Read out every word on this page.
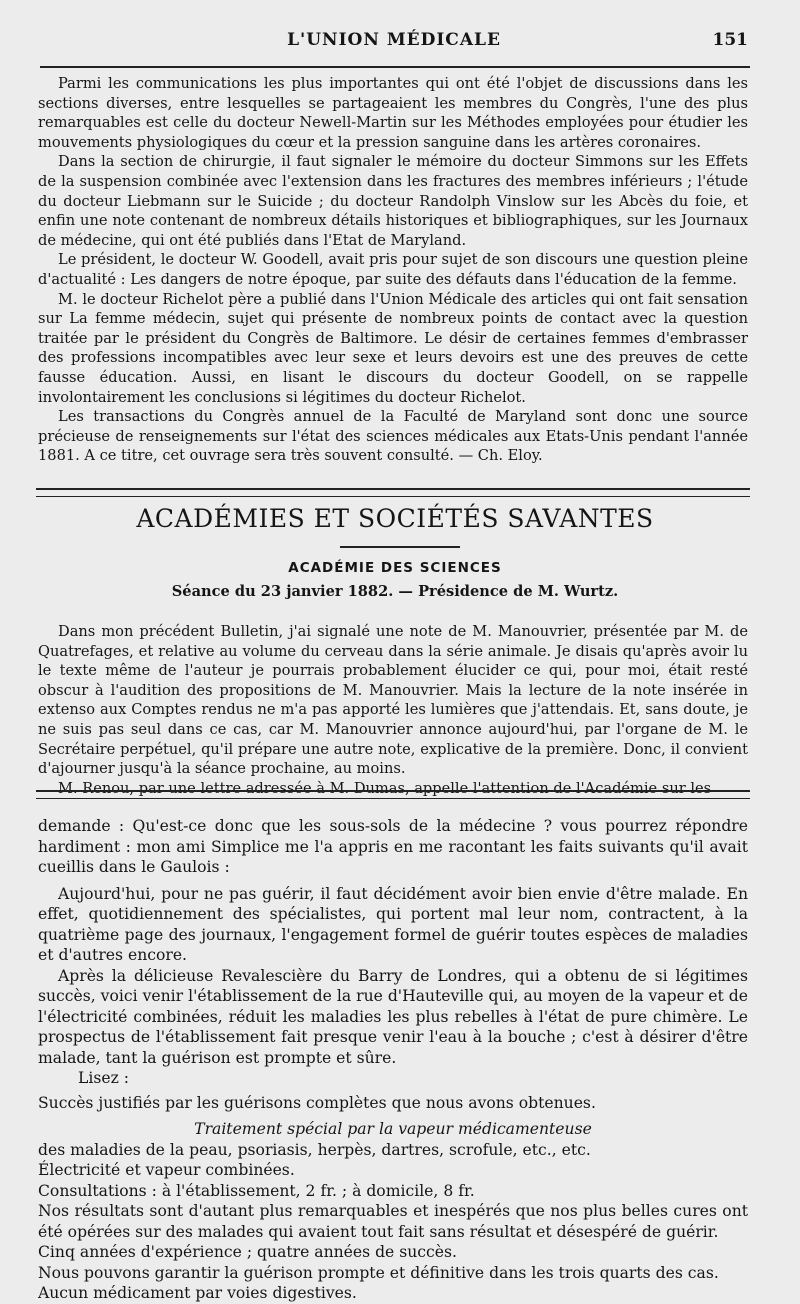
L'UNION MÉDICALE	151

Parmi les communications les plus importantes qui ont été l'objet de discussions dans les sections diverses, entre lesquelles se partageaient les membres du Congrès, l'une des plus remarquables est celle du docteur Newell-Martin sur les Méthodes employées pour étudier les mouvements physiologiques du cœur et la pression sanguine dans les artères coronaires.

Dans la section de chirurgie, il faut signaler le mémoire du docteur Simmons sur les Effets de la suspension combinée avec l'extension dans les fractures des membres inférieurs ; l'étude du docteur Liebmann sur le Suicide ; du docteur Randolph Vinslow sur les Abcès du foie, et enfin une note contenant de nombreux détails historiques et bibliographiques, sur les Journaux de médecine, qui ont été publiés dans l'Etat de Maryland.

Le président, le docteur W. Goodell, avait pris pour sujet de son discours une question pleine d'actualité : Les dangers de notre époque, par suite des défauts dans l'éducation de la femme.

M. le docteur Richelot père a publié dans l'Union Médicale des articles qui ont fait sensation sur La femme médecin, sujet qui présente de nombreux points de contact avec la question traitée par le président du Congrès de Baltimore. Le désir de certaines femmes d'embrasser des professions incompatibles avec leur sexe et leurs devoirs est une des preuves de cette fausse éducation. Aussi, en lisant le discours du docteur Goodell, on se rappelle involontairement les conclusions si légitimes du docteur Richelot.

Les transactions du Congrès annuel de la Faculté de Maryland sont donc une source précieuse de renseignements sur l'état des sciences médicales aux Etats-Unis pendant l'année 1881. A ce titre, cet ouvrage sera très souvent consulté. — Ch. Eloy.

ACADÉMIES ET SOCIÉTÉS SAVANTES
ACADÉMIE DES SCIENCES
Séance du 23 janvier 1882. — Présidence de M. Wurtz.

Dans mon précédent Bulletin, j'ai signalé une note de M. Manouvrier, présentée par M. de Quatrefages, et relative au volume du cerveau dans la série animale. Je disais qu'après avoir lu le texte même de l'auteur je pourrais probablement élucider ce qui, pour moi, était resté obscur à l'audition des propositions de M. Manouvrier. Mais la lecture de la note insérée in extenso aux Comptes rendus ne m'a pas apporté les lumières que j'attendais. Et, sans doute, je ne suis pas seul dans ce cas, car M. Manouvrier annonce aujourd'hui, par l'organe de M. le Secrétaire perpétuel, qu'il prépare une autre note, explicative de la première. Donc, il convient d'ajourner jusqu'à la séance prochaine, au moins.

M. Renou, par une lettre adressée à M. Dumas, appelle l'attention de l'Académie sur les

demande : Qu'est-ce donc que les sous-sols de la médecine ? vous pourrez répondre hardiment : mon ami Simplice me l'a appris en me racontant les faits suivants qu'il avait cueillis dans le Gaulois :

Aujourd'hui, pour ne pas guérir, il faut décidément avoir bien envie d'être malade. En effet, quotidiennement des spécialistes, qui portent mal leur nom, contractent, à la quatrième page des journaux, l'engagement formel de guérir toutes espèces de maladies et d'autres encore.

Après la délicieuse Revalescière du Barry de Londres, qui a obtenu de si légitimes succès, voici venir l'établissement de la rue d'Hauteville qui, au moyen de la vapeur et de l'électricité combinées, réduit les maladies les plus rebelles à l'état de pure chimère. Le prospectus de l'établissement fait presque venir l'eau à la bouche ; c'est à désirer d'être malade, tant la guérison est prompte et sûre.

Lisez :

Succès justifiés par les guérisons complètes que nous avons obtenues.

Traitement spécial par la vapeur médicamenteuse

des maladies de la peau, psoriasis, herpès, dartres, scrofule, etc., etc.

Électricité et vapeur combinées.

Consultations : à l'établissement, 2 fr. ; à domicile, 8 fr.

Nos résultats sont d'autant plus remarquables et inespérés que nos plus belles cures ont été opérées sur des malades qui avaient tout fait sans résultat et désespéré de guérir.

Cinq années d'expérience ; quatre années de succès.

Nous pouvons garantir la guérison prompte et définitive dans les trois quarts des cas.

Aucun médicament par voies digestives.
